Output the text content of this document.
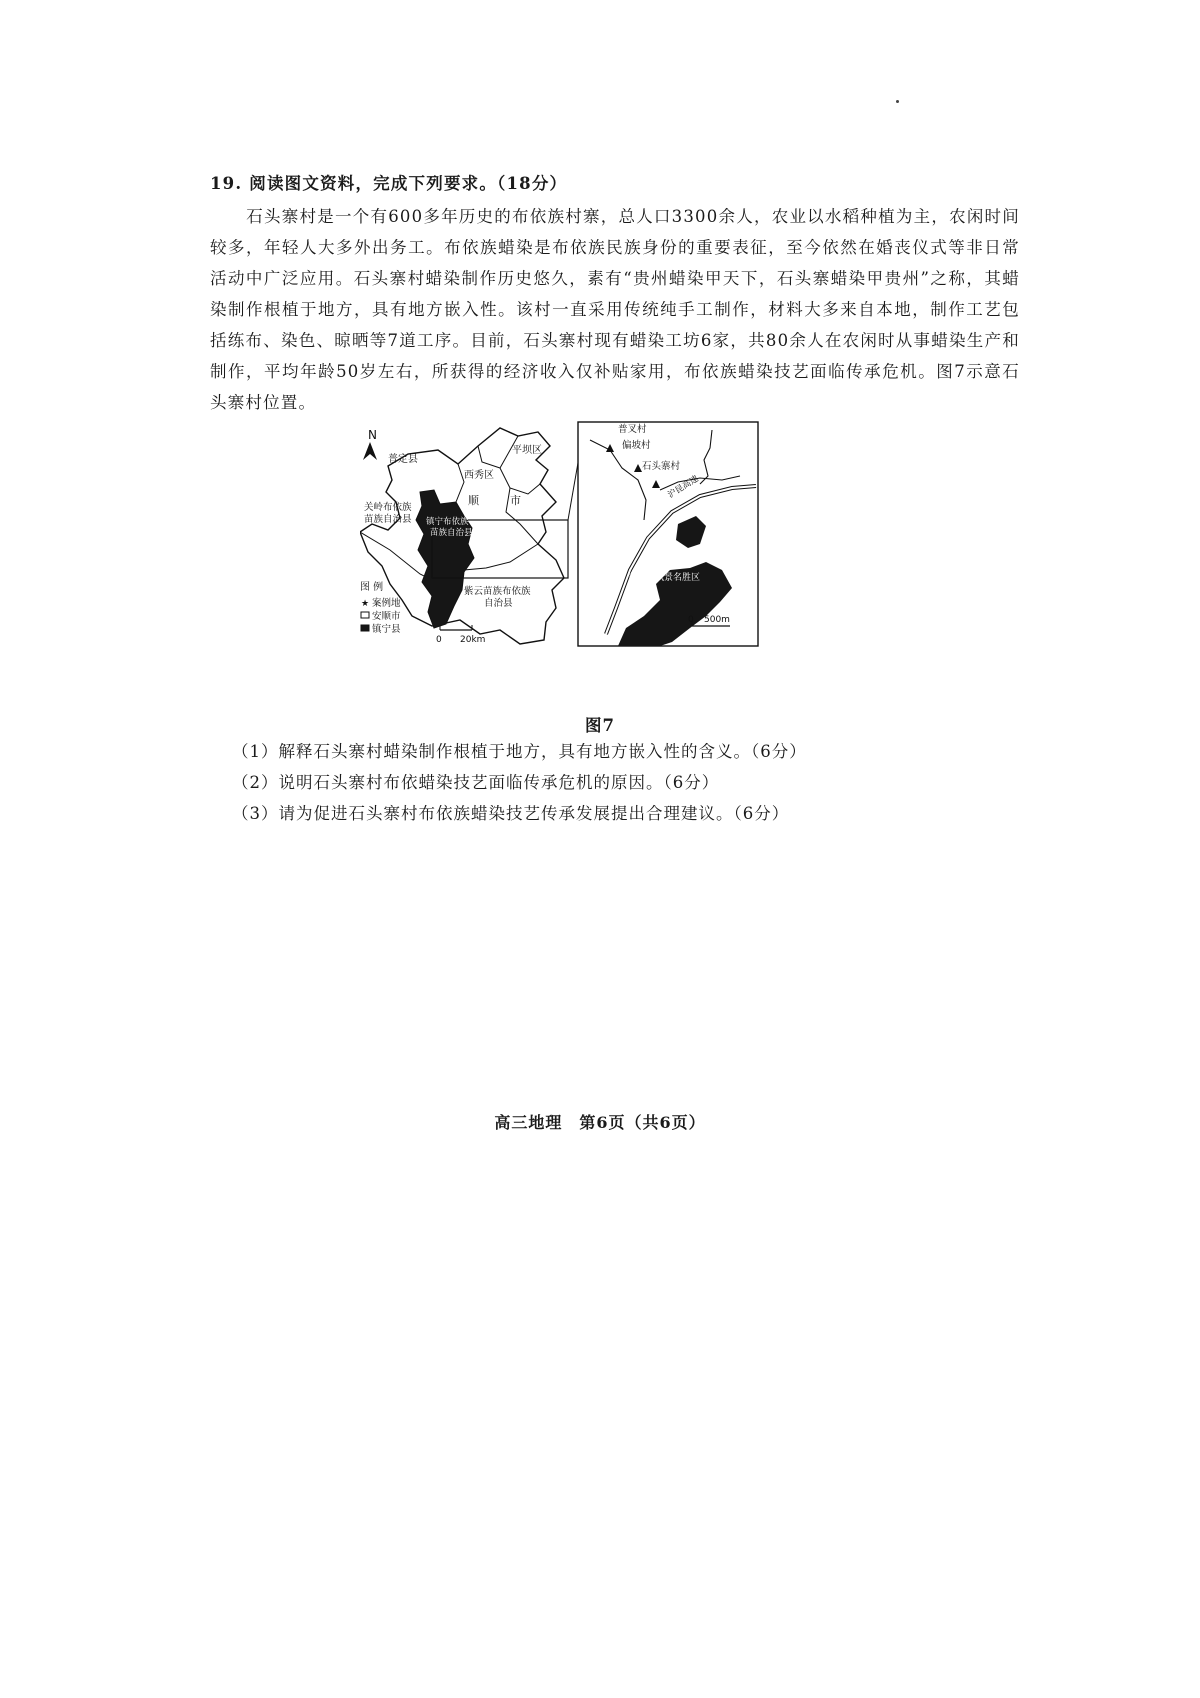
19. 阅读图文资料，完成下列要求。（18分）

石头寨村是一个有600多年历史的布依族村寨，总人口3300余人，农业以水稻种植为主，农闲时间较多，年轻人大多外出务工。布依族蜡染是布依族民族身份的重要表征，至今依然在婚丧仪式等非日常活动中广泛应用。石头寨村蜡染制作历史悠久，素有“贵州蜡染甲天下，石头寨蜡染甲贵州”之称，其蜡染制作根植于地方，具有地方嵌入性。该村一直采用传统纯手工制作，材料大多来自本地，制作工艺包括练布、染色、晾晒等7道工序。目前，石头寨村现有蜡染工坊6家，共80余人在农闲时从事蜡染生产和制作，平均年龄50岁左右，所获得的经济收入仅补贴家用，布依族蜡染技艺面临传承危机。图7示意石头寨村位置。

N
普定县
平坝区
西秀区
顺	市
关岭布依族
苗族自治县 镇宁布依族
苗族自治县
紫云苗族布依族
自治县
图 例
★ 案例地
安顺市
镇宁县
0 20km
普叉村
偏坡村
石头寨村
沪昆高速
黄果树风景名胜区
0 500m
图7

（1）解释石头寨村蜡染制作根植于地方，具有地方嵌入性的含义。（6分）

（2）说明石头寨村布依蜡染技艺面临传承危机的原因。（6分）

（3）请为促进石头寨村布依族蜡染技艺传承发展提出合理建议。（6分）

高三地理　第6页（共6页）
